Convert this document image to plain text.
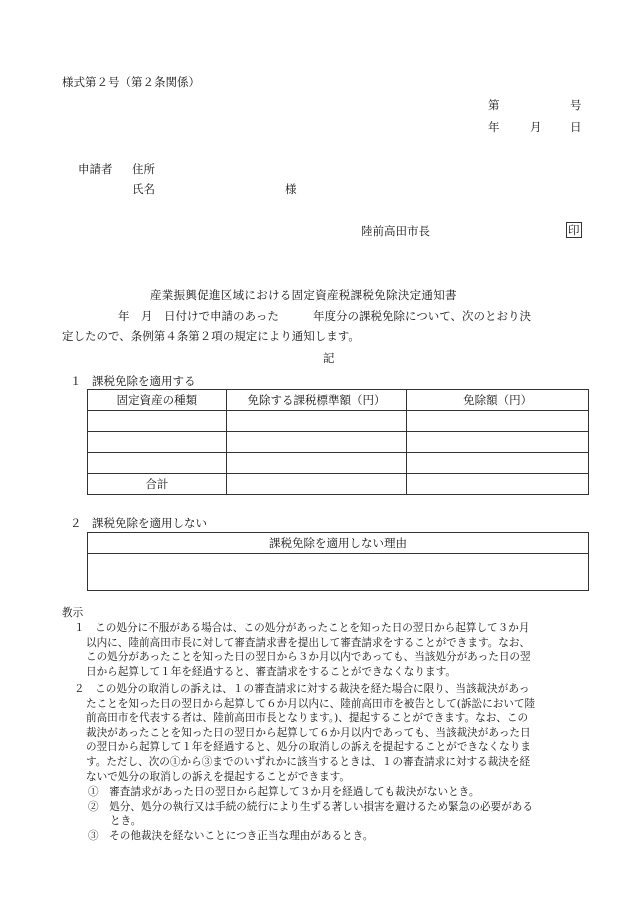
様式第２号（第２条関係）
第	号
年	月 日
申請者 住所
氏名	様
陸前高田市長	印
産業振興促進区域における固定資産税課税免除決定通知書
年　月　日付けで申請のあった	年度分の課税免除について、次のとおり決
定したので、条例第４条第２項の規定により通知します。
記
１ 課税免除を適用する
固定資産の種類	免除する課税標準額（円）	免除額（円）

合計		
２ 課税免除を適用しない
課税免除を適用しない理由

教示
１　この処分に不服がある場合は、この処分があったことを知った日の翌日から起算して３か月
以内に、陸前高田市長に対して審査請求書を提出して審査請求をすることができます。なお、
この処分があったことを知った日の翌日から３か月以内であっても、当該処分があった日の翌
日から起算して１年を経過すると、審査請求をすることができなくなります。
２　この処分の取消しの訴えは、１の審査請求に対する裁決を経た場合に限り、当該裁決があっ
たことを知った日の翌日から起算して６か月以内に、陸前高田市を被告として(訴訟において陸
前高田市を代表する者は、陸前高田市長となります。)、提起することができます。なお、この
裁決があったことを知った日の翌日から起算して６か月以内であっても、当該裁決があった日
の翌日から起算して１年を経過すると、処分の取消しの訴えを提起することができなくなりま
す。ただし、次の①から③までのいずれかに該当するときは、１の審査請求に対する裁決を経
ないで処分の取消しの訴えを提起することができます。
①　審査請求があった日の翌日から起算して３か月を経過しても裁決がないとき。
②　処分、処分の執行又は手続の続行により生ずる著しい損害を避けるため緊急の必要がある
とき。
③　その他裁決を経ないことにつき正当な理由があるとき。
